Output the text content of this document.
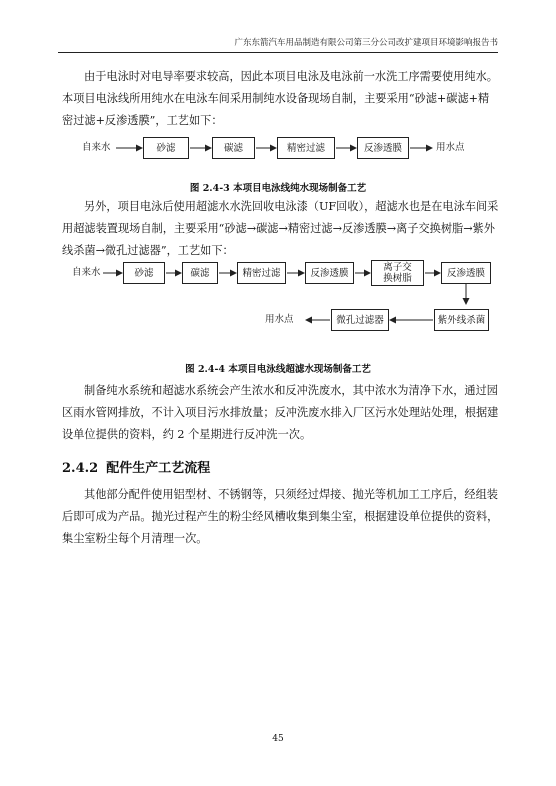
广东东箭汽车用品制造有限公司第三分公司改扩建项目环境影响报告书

由于电泳时对电导率要求较高，因此本项目电泳及电泳前一水洗工序需要使用纯水。本项目电泳线所用纯水在电泳车间采用制纯水设备现场自制，主要采用“砂滤+碳滤+精密过滤+反渗透膜”，工艺如下：

自来水	砂滤	碳滤	精密过滤	反渗透膜	用水点
图 2.4-3 本项目电泳线纯水现场制备工艺

另外，项目电泳后使用超滤水水洗回收电泳漆（UF回收），超滤水也是在电泳车间采用超滤装置现场自制，主要采用“砂滤→碳滤→精密过滤→反渗透膜→离子交换树脂→紫外线杀菌→微孔过滤器”，工艺如下：

自来水	砂滤	碳滤	精密过滤	反渗透膜	离子交换树脂	反渗透膜
紫外线杀菌
微孔过滤器
用水点
图 2.4-4 本项目电泳线超滤水现场制备工艺

制备纯水系统和超滤水系统会产生浓水和反冲洗废水，其中浓水为清净下水，通过园区雨水管网排放，不计入项目污水排放量；反冲洗废水排入厂区污水处理站处理，根据建设单位提供的资料，约 2 个星期进行反冲洗一次。

2.4.2 配件生产工艺流程

其他部分配件使用铝型材、不锈钢等，只须经过焊接、抛光等机加工工序后，经组装后即可成为产品。抛光过程产生的粉尘经风槽收集到集尘室，根据建设单位提供的资料，集尘室粉尘每个月清理一次。

45
